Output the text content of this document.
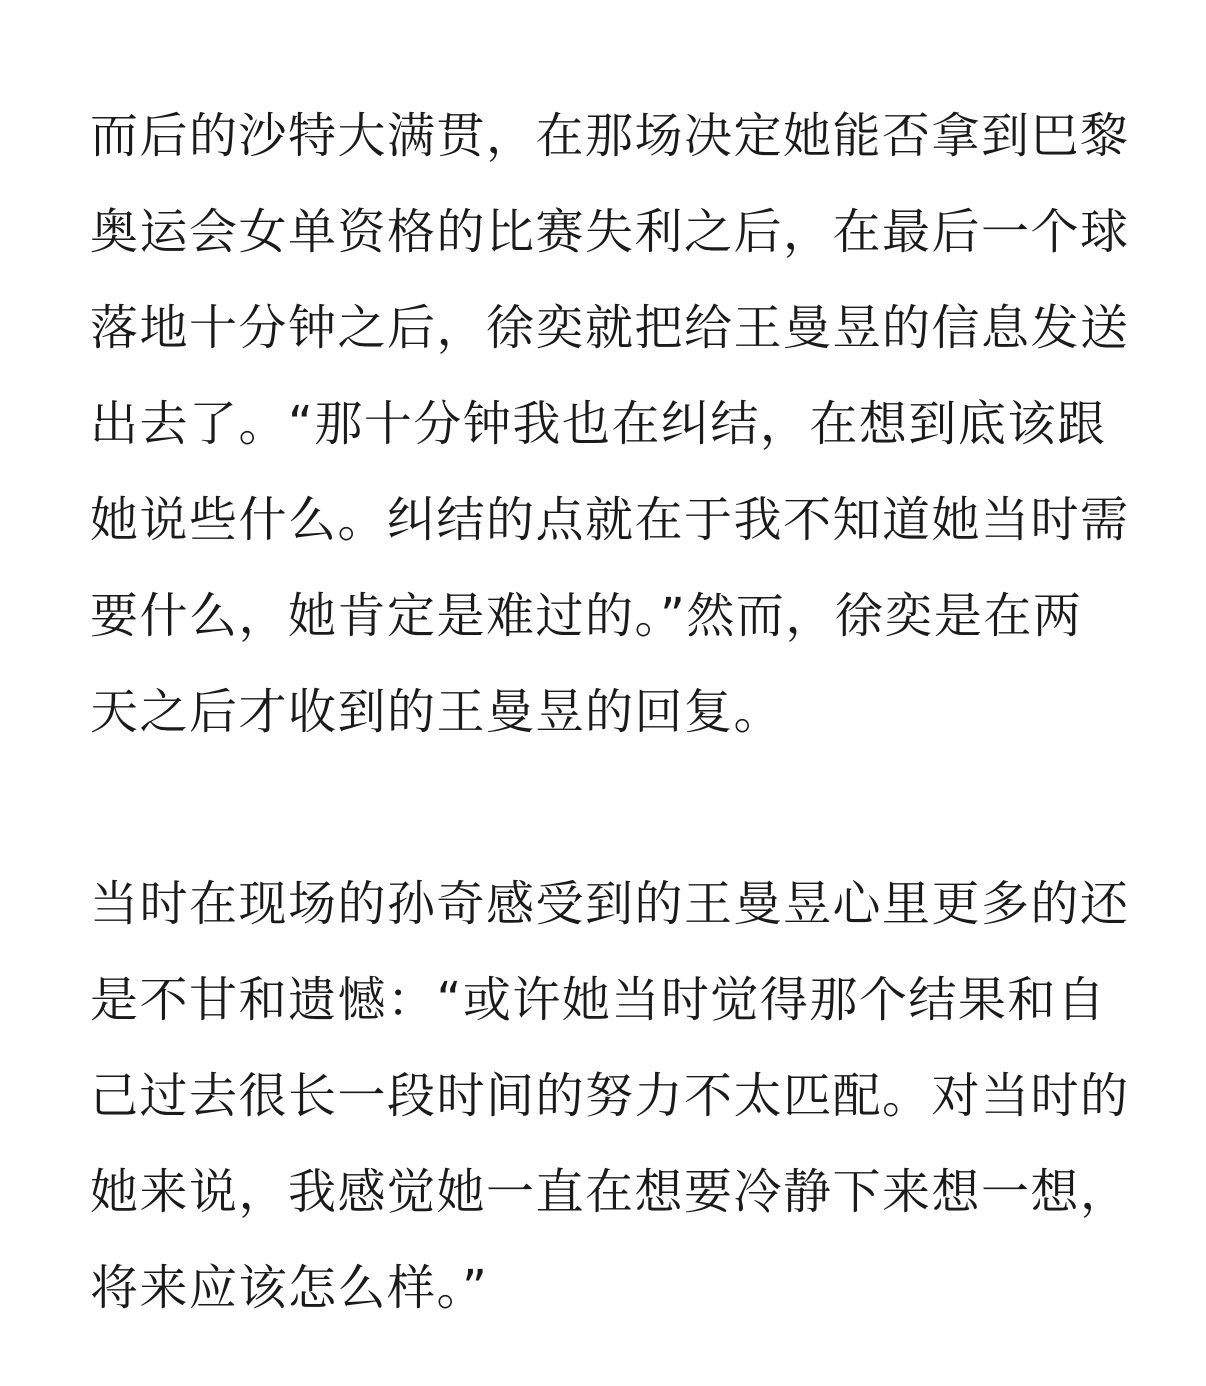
而后的沙特大满贯，在那场决定她能否拿到巴黎
奥运会女单资格的比赛失利之后，在最后一个球
落地十分钟之后，徐奕就把给王曼昱的信息发送
出去了。“那十分钟我也在纠结，在想到底该跟
她说些什么。纠结的点就在于我不知道她当时需
要什么，她肯定是难过的。”然而，徐奕是在两
天之后才收到的王曼昱的回复。
当时在现场的孙奇感受到的王曼昱心里更多的还
是不甘和遗憾：“或许她当时觉得那个结果和自
己过去很长一段时间的努力不太匹配。对当时的
她来说，我感觉她一直在想要冷静下来想一想，
将来应该怎么样。”
